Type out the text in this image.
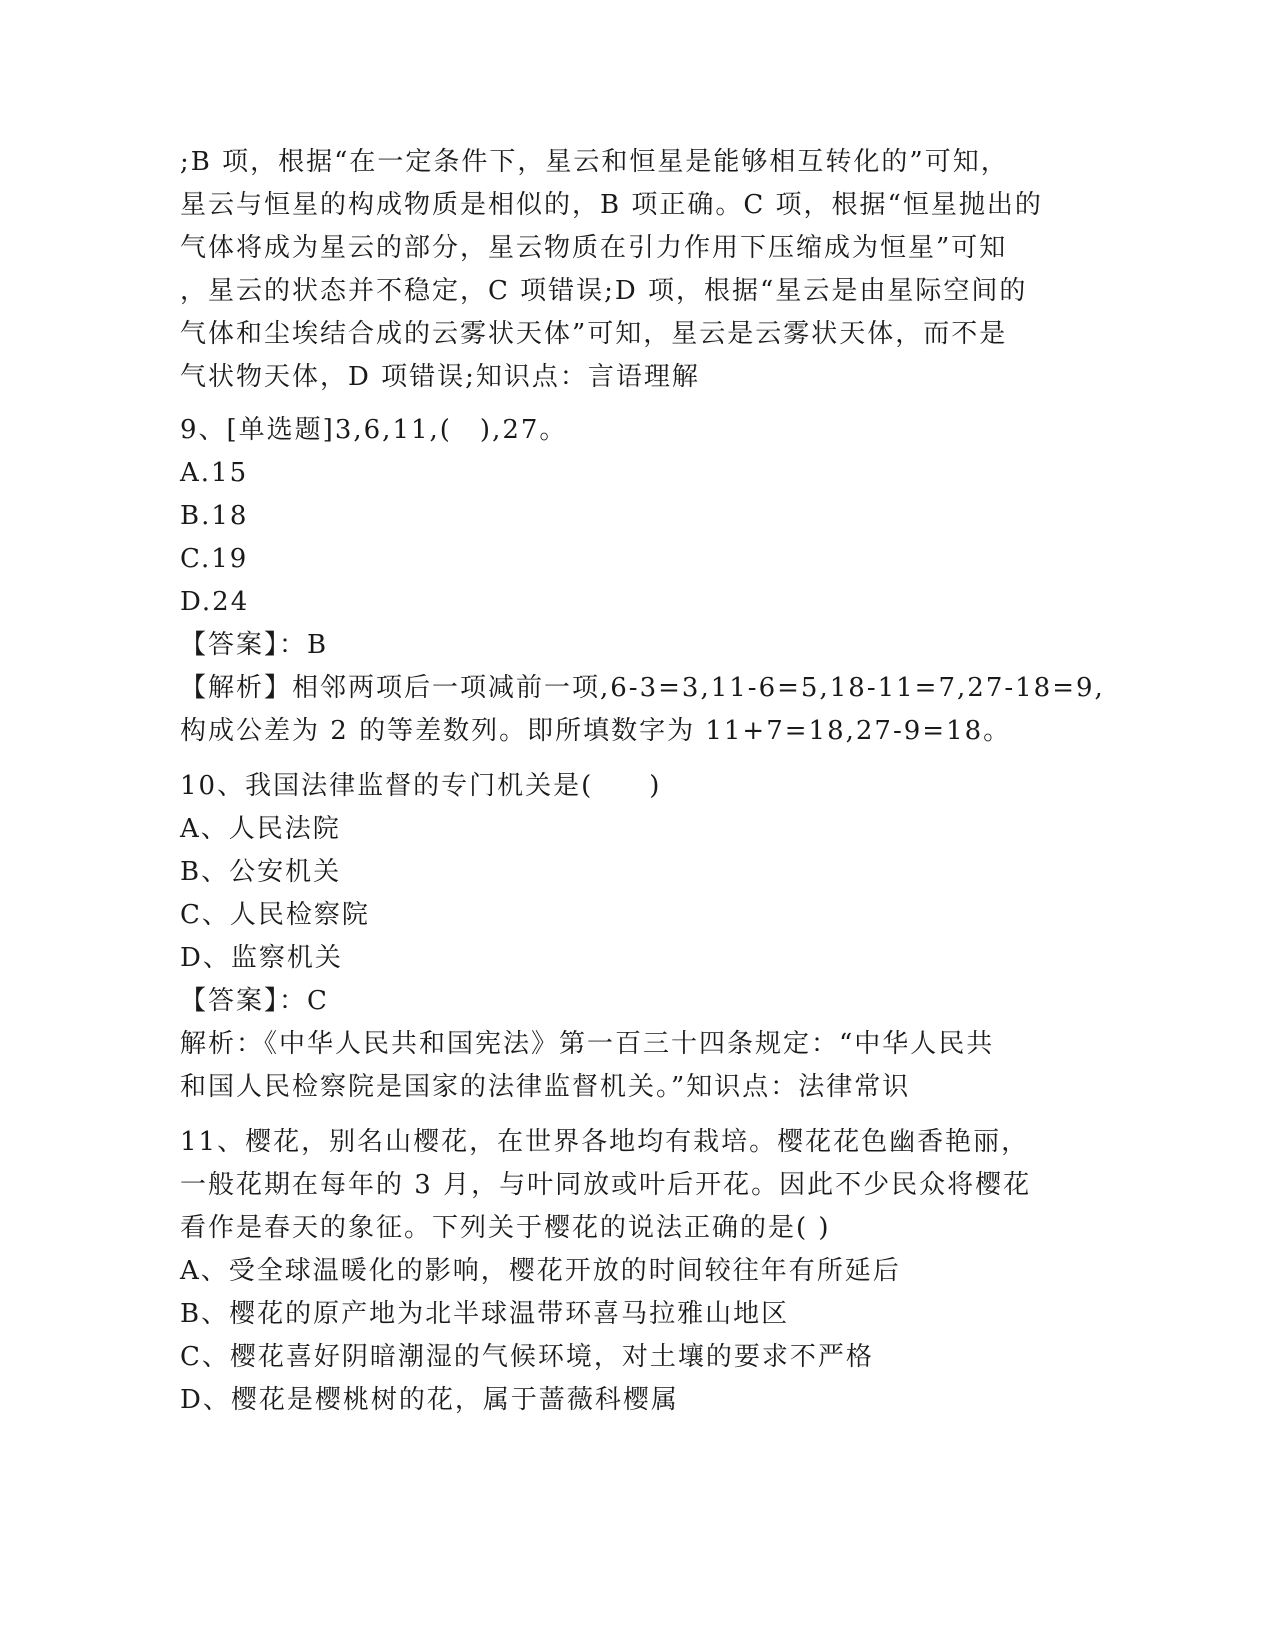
;B 项，根据“在一定条件下，星云和恒星是能够相互转化的”可知，
星云与恒星的构成物质是相似的，B 项正确。C 项，根据“恒星抛出的
气体将成为星云的部分，星云物质在引力作用下压缩成为恒星”可知
，星云的状态并不稳定，C 项错误;D 项，根据“星云是由星际空间的
气体和尘埃结合成的云雾状天体”可知，星云是云雾状天体，而不是
气状物天体，D 项错误;知识点：言语理解
9、[单选题]3,6,11,(　),27。
A.15
B.18
C.19
D.24
【答案】：B
【解析】相邻两项后一项减前一项,6-3=3,11-6=5,18-11=7,27-18=9,
构成公差为 2 的等差数列。即所填数字为 11+7=18,27-9=18。
10、我国法律监督的专门机关是(　　)
A、人民法院
B、公安机关
C、人民检察院
D、监察机关
【答案】：C
解析：《中华人民共和国宪法》第一百三十四条规定：“中华人民共
和国人民检察院是国家的法律监督机关。”知识点：法律常识
11、樱花，别名山樱花，在世界各地均有栽培。樱花花色幽香艳丽，
一般花期在每年的 3 月，与叶同放或叶后开花。因此不少民众将樱花
看作是春天的象征。下列关于樱花的说法正确的是( )
A、受全球温暖化的影响，樱花开放的时间较往年有所延后
B、樱花的原产地为北半球温带环喜马拉雅山地区
C、樱花喜好阴暗潮湿的气候环境，对土壤的要求不严格
D、樱花是樱桃树的花，属于蔷薇科樱属
